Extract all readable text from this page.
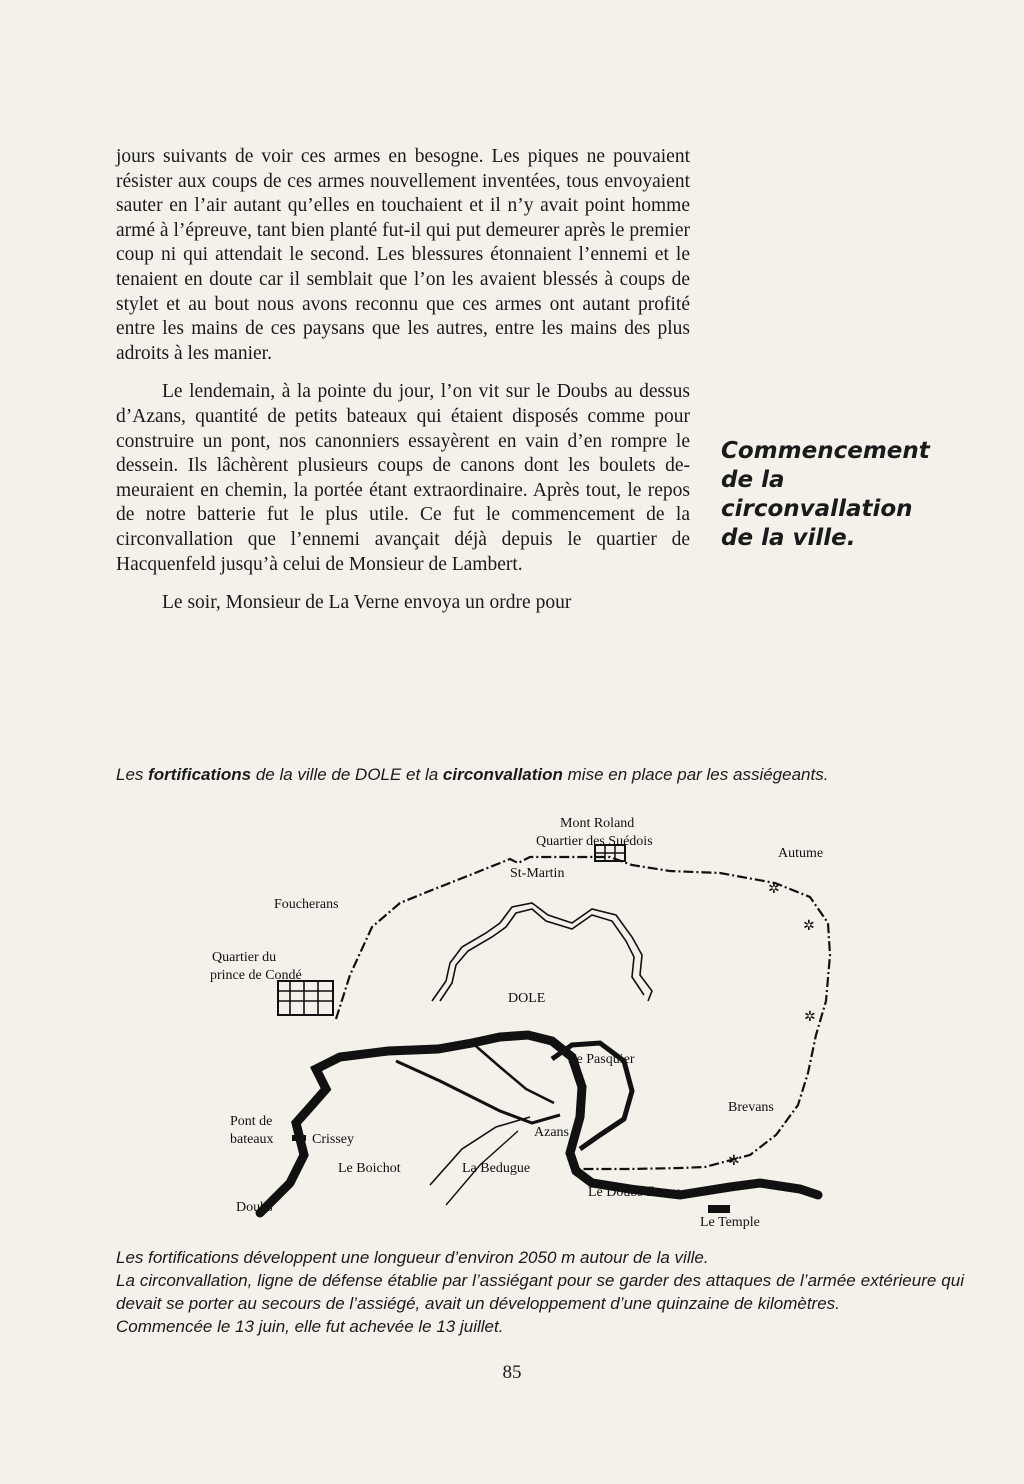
jours suivants de voir ces armes en besogne. Les piques ne pouvaient résister aux coups de ces armes nouvellement inventées, tous envoyaient sauter en l’air autant qu’elles en touchaient et il n’y avait point homme armé à l’épreuve, tant bien planté fut-il qui put demeurer après le premier coup ni qui attendait le second. Les blessures étonnaient l’ennemi et le tenaient en doute car il semblait que l’on les avaient blessés à coups de stylet et au bout nous avons reconnu que ces armes ont autant profité entre les mains de ces paysans que les autres, entre les mains des plus adroits à les manier.

Le lendemain, à la pointe du jour, l’on vit sur le Doubs au dessus d’Azans, quantité de petits bateaux qui étaient disposés comme pour construire un pont, nos canonniers essayèrent en vain d’en rompre le dessein. Ils lâchèrent plusieurs coups de canons dont les boulets demeuraient en chemin, la portée étant extraordinaire. Après tout, le repos de notre batterie fut le plus utile. Ce fut le commencement de la circonvallation que l’ennemi avançait déjà depuis le quartier de Hacquenfeld jusqu’à celui de Monsieur de Lambert.

Le soir, Monsieur de La Verne envoya un ordre pour

Commencement
de la
circonvallation
de la ville.
Les fortifications de la ville de DOLE et la circonvallation mise en place par les assiégeants.
✲
✲
✲
✲
Mont Roland
Quartier des Suédois
St-Martin
Autume
Foucherans
Quartier du
prince de Condé
DOLE
Le Pasquier
Pont de
bateaux	Crissey	Azans
Brevans
Le Boichot	La Bedugue
Doubs
Le Doubs fleuve
Le Temple

Les fortifications développent une longueur d’environ 2050 m autour de la ville.

La circonvallation, ligne de défense établie par l’assiégant pour se garder des attaques de l’armée extérieure qui devait se porter au secours de l’assiégé, avait un développement d’une quinzaine de kilomètres.

Commencée le 13 juin, elle fut achevée le 13 juillet.

85
